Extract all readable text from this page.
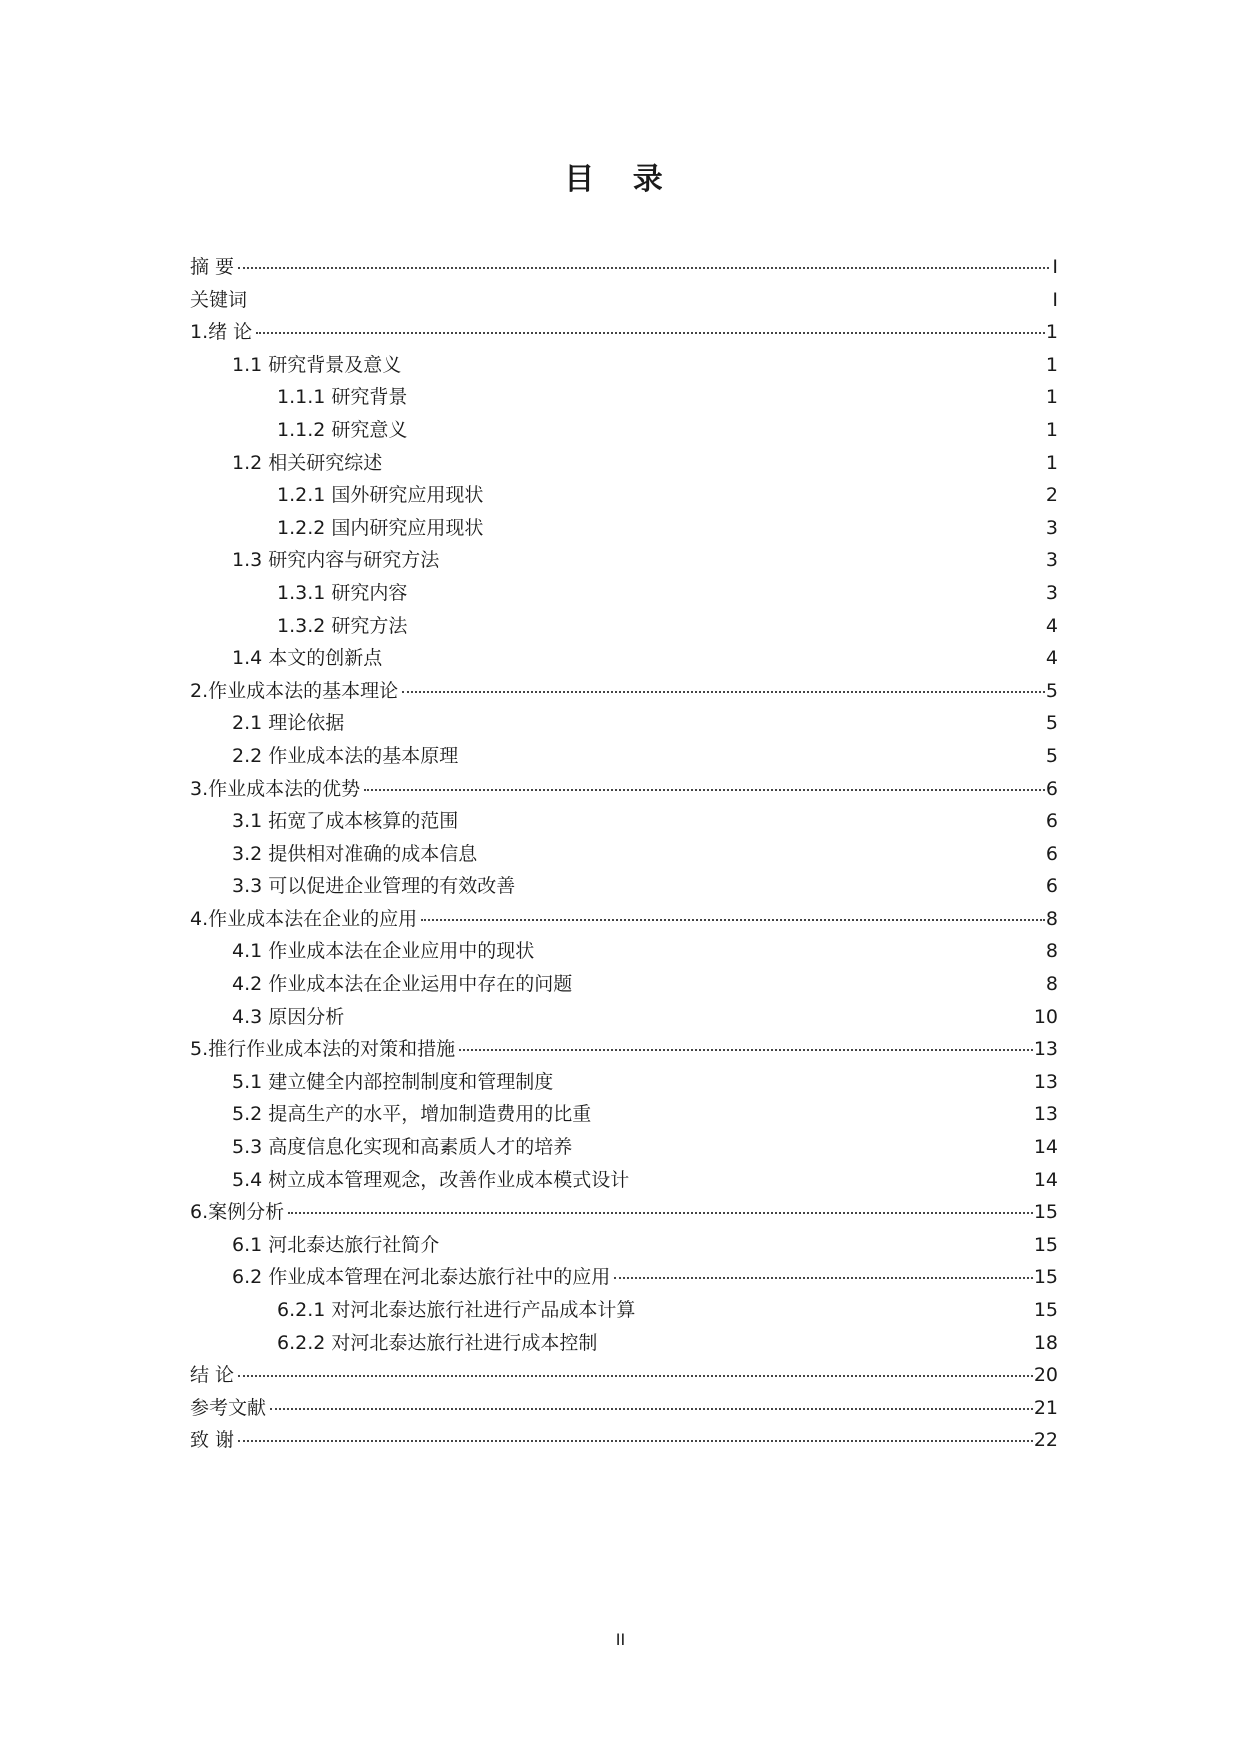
目 录
摘 要	I
关键词	I
1.绪 论	1
1.1 研究背景及意义	1
1.1.1 研究背景	1
1.1.2 研究意义	1
1.2 相关研究综述	1
1.2.1 国外研究应用现状	2
1.2.2 国内研究应用现状	3
1.3 研究内容与研究方法	3
1.3.1 研究内容	3
1.3.2 研究方法	4
1.4 本文的创新点	4
2.作业成本法的基本理论	5
2.1 理论依据	5
2.2 作业成本法的基本原理	5
3.作业成本法的优势	6
3.1 拓宽了成本核算的范围	6
3.2 提供相对准确的成本信息	6
3.3 可以促进企业管理的有效改善	6
4.作业成本法在企业的应用	8
4.1 作业成本法在企业应用中的现状	8
4.2 作业成本法在企业运用中存在的问题	8
4.3 原因分析	10
5.推行作业成本法的对策和措施	13
5.1 建立健全内部控制制度和管理制度	13
5.2 提高生产的水平，增加制造费用的比重	13
5.3 高度信息化实现和高素质人才的培养	14
5.4 树立成本管理观念，改善作业成本模式设计	14
6.案例分析	15
6.1 河北泰达旅行社简介	15
6.2 作业成本管理在河北泰达旅行社中的应用	15
6.2.1 对河北泰达旅行社进行产品成本计算	15
6.2.2 对河北泰达旅行社进行成本控制	18
结 论	20
参考文献	21
致 谢	22
II
